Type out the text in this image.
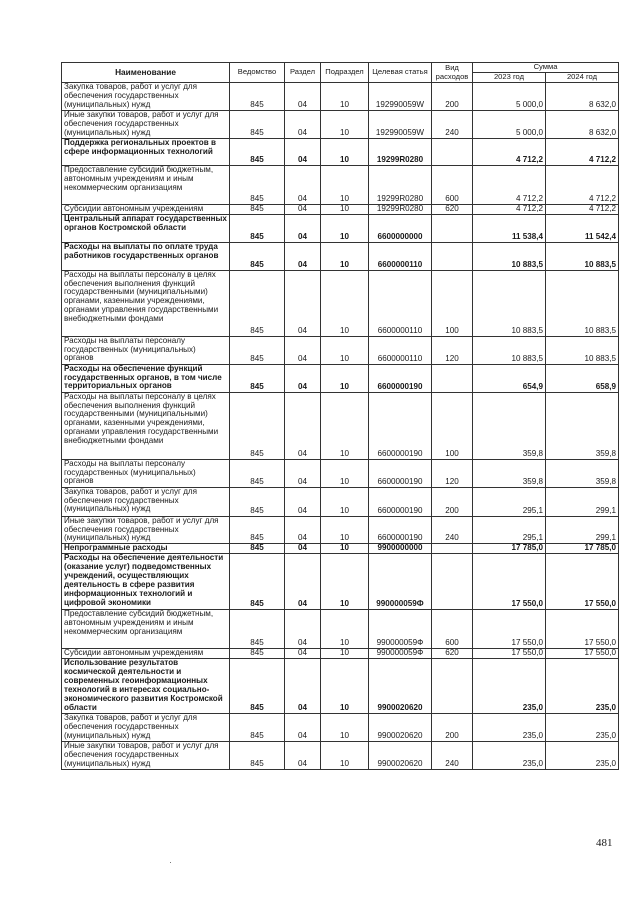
Наименование	Ведомство	Раздел	Подраздел	Целевая статья	Вид расходов	Сумма	
						2023 год	2024 год
Закупка товаров, работ и услуг для обеспечения государственных (муниципальных) нужд	845	04	10	192990059W	200	5 000,0	8 632,0
Иные закупки товаров, работ и услуг для обеспечения государственных (муниципальных) нужд	845	04	10	192990059W	240	5 000,0	8 632,0
Поддержка региональных проектов в сфере информационных технологий	845	04	10	19299R0280		4 712,2	4 712,2
Предоставление субсидий бюджетным, автономным учреждениям и иным некоммерческим организациям	845	04	10	19299R0280	600	4 712,2	4 712,2
Субсидии автономным учреждениям	845	04	10	19299R0280	620	4 712,2	4 712,2
Центральный аппарат государственных органов Костромской области	845	04	10	6600000000		11 538,4	11 542,4
Расходы на выплаты по оплате труда работников государственных органов	845	04	10	6600000110		10 883,5	10 883,5
Расходы на выплаты персоналу в целях обеспечения выполнения функций государственными (муниципальными) органами, казенными учреждениями, органами управления государственными внебюджетными фондами	845	04	10	6600000110	100	10 883,5	10 883,5
Расходы на выплаты персоналу государственных (муниципальных) органов	845	04	10	6600000110	120	10 883,5	10 883,5
Расходы на обеспечение функций государственных органов, в том числе территориальных органов	845	04	10	6600000190		654,9	658,9
Расходы на выплаты персоналу в целях обеспечения выполнения функций государственными (муниципальными) органами, казенными учреждениями, органами управления государственными внебюджетными фондами	845	04	10	6600000190	100	359,8	359,8
Расходы на выплаты персоналу государственных (муниципальных) органов	845	04	10	6600000190	120	359,8	359,8
Закупка товаров, работ и услуг для обеспечения государственных (муниципальных) нужд	845	04	10	6600000190	200	295,1	299,1
Иные закупки товаров, работ и услуг для обеспечения государственных (муниципальных) нужд	845	04	10	6600000190	240	295,1	299,1
Непрограммные расходы	845	04	10	9900000000		17 785,0	17 785,0
Расходы на обеспечение деятельности (оказание услуг) подведомственных учреждений, осуществляющих деятельность в сфере развития информационных технологий и цифровой экономики	845	04	10	990000059Ф		17 550,0	17 550,0
Предоставление субсидий бюджетным, автономным учреждениям и иным некоммерческим организациям	845	04	10	990000059Ф	600	17 550,0	17 550,0
Субсидии автономным учреждениям	845	04	10	990000059Ф	620	17 550,0	17 550,0
Использование результатов космической деятельности и современных геоинформационных технологий в интересах социально-экономического развития Костромской области	845	04	10	9900020620		235,0	235,0
Закупка товаров, работ и услуг для обеспечения государственных (муниципальных) нужд	845	04	10	9900020620	200	235,0	235,0
Иные закупки товаров, работ и услуг для обеспечения государственных (муниципальных) нужд	845	04	10	9900020620	240	235,0	235,0
481
